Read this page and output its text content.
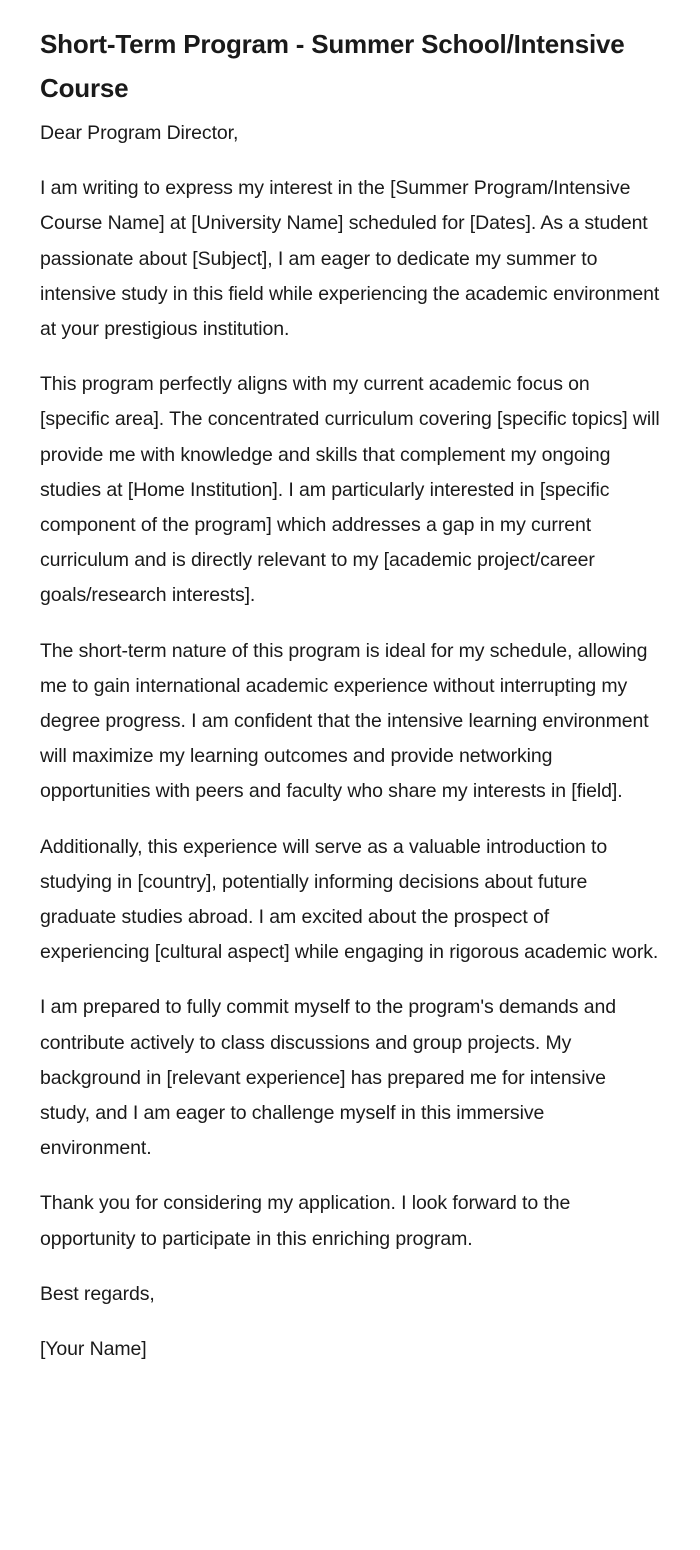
Short-Term Program - Summer School/Intensive Course

Dear Program Director,

I am writing to express my interest in the [Summer Program/Intensive Course Name] at [University Name] scheduled for [Dates]. As a student passionate about [Subject], I am eager to dedicate my summer to intensive study in this field while experiencing the academic environment at your prestigious institution.

This program perfectly aligns with my current academic focus on [specific area]. The concentrated curriculum covering [specific topics] will provide me with knowledge and skills that complement my ongoing studies at [Home Institution]. I am particularly interested in [specific component of the program] which addresses a gap in my current curriculum and is directly relevant to my [academic project/career goals/research interests].

The short-term nature of this program is ideal for my schedule, allowing me to gain international academic experience without interrupting my degree progress. I am confident that the intensive learning environment will maximize my learning outcomes and provide networking opportunities with peers and faculty who share my interests in [field].

Additionally, this experience will serve as a valuable introduction to studying in [country], potentially informing decisions about future graduate studies abroad. I am excited about the prospect of experiencing [cultural aspect] while engaging in rigorous academic work.

I am prepared to fully commit myself to the program's demands and contribute actively to class discussions and group projects. My background in [relevant experience] has prepared me for intensive study, and I am eager to challenge myself in this immersive environment.

Thank you for considering my application. I look forward to the opportunity to participate in this enriching program.

Best regards,

[Your Name]
